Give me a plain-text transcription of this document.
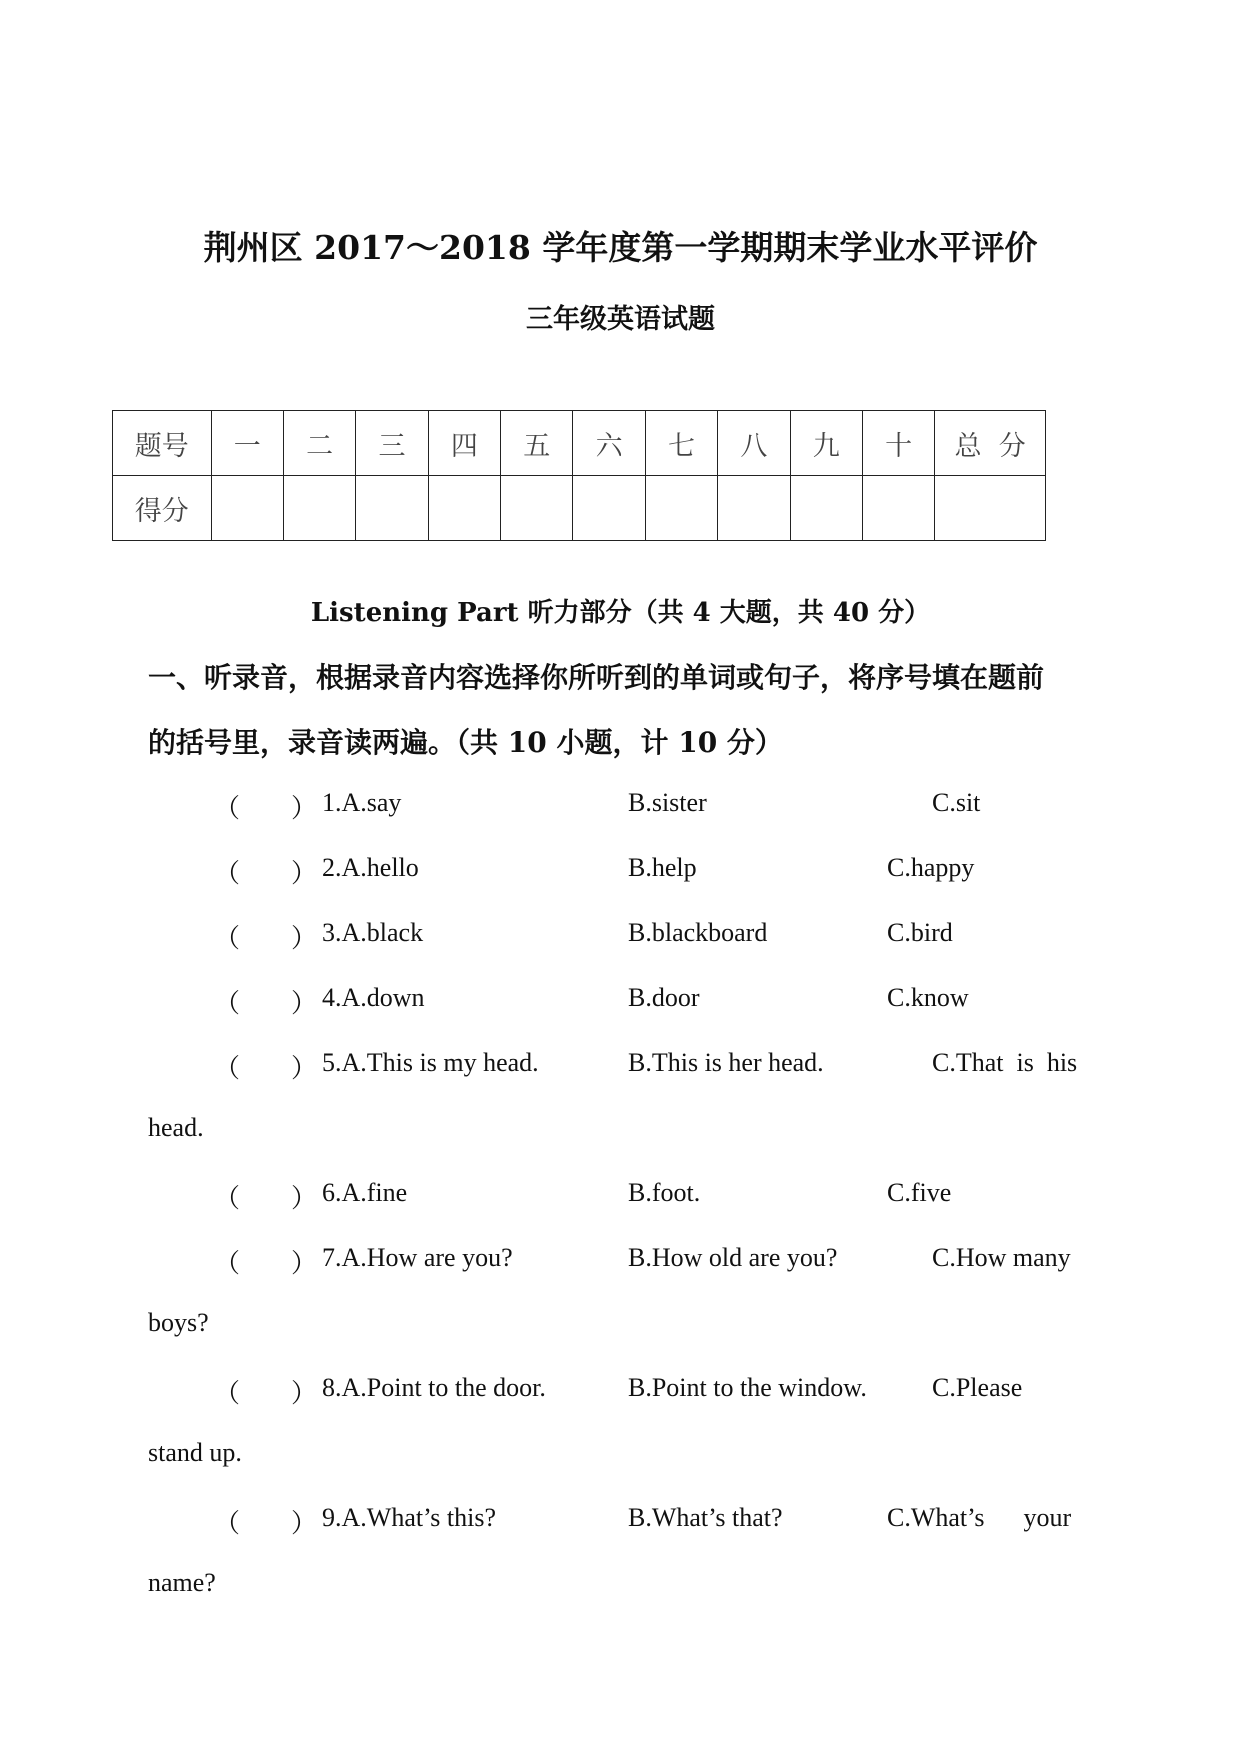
荆州区 2017～2018 学年度第一学期期末学业水平评价
三年级英语试题
题号	一	二	三	四	五	六	七	八	九	十	总  分
得分											
Listening Part 听力部分（共 4 大题，共 40 分）
一、听录音，根据录音内容选择你所听到的单词或句子，将序号填在题前
的括号里，录音读两遍。（共 10 小题，计 10 分）
（ ） 1.A.say	B.sister	C.sit
（ ） 2.A.hello	B.help	C.happy
（ ） 3.A.black	B.blackboard	C.bird
（ ） 4.A.down	B.door	C.know
（ ） 5.A.This is my head.	B.This is her head.	C.That  is  his
head.
（ ） 6.A.fine	B.foot.	C.five
（ ） 7.A.How are you?	B.How old are you?	C.How many
boys?
（ ） 8.A.Point to the door.	B.Point to the window.	C.Please
stand up.
（ ） 9.A.What’s this?	B.What’s that?	C.What’s      your
name?
